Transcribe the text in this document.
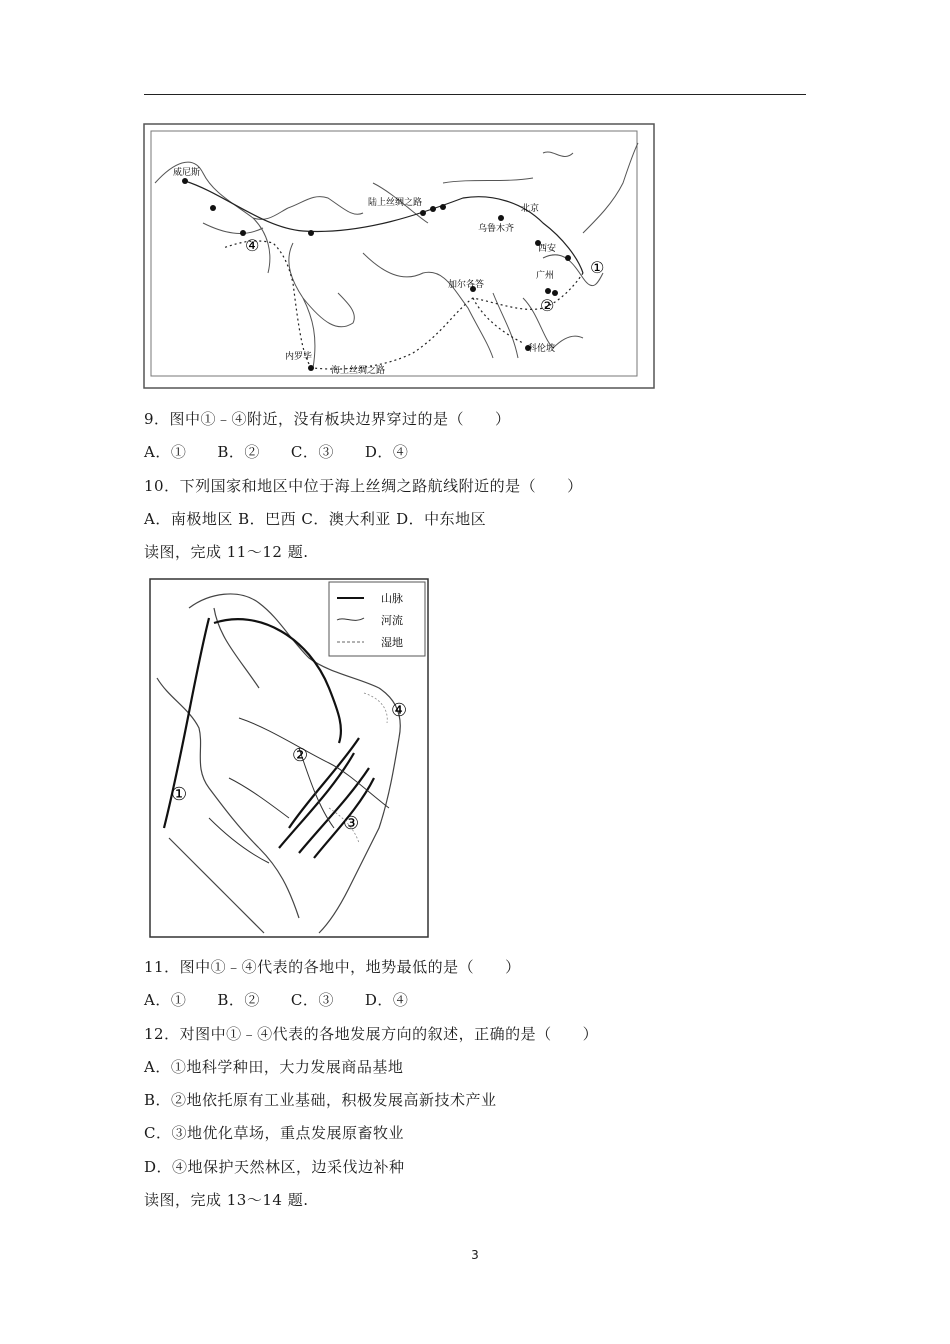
威尼斯
陆上丝绸之路
北京
乌鲁木齐
西安
广州
加尔各答
科伦坡
内罗毕
海上丝绸之路
①
②
④
9．图中①﹣④附近，没有板块边界穿过的是（　　）
A．①　　B．②　　C．③　　D．④
10．下列国家和地区中位于海上丝绸之路航线附近的是（　　）
A．南极地区 B．巴西 C．澳大利亚 D．中东地区
读图，完成 11～12 题.
山脉
河流
湿地
①
②
③
④
11．图中①﹣④代表的各地中，地势最低的是（　　）
A．①　　B．②　　C．③　　D．④
12．对图中①﹣④代表的各地发展方向的叙述，正确的是（　　）
A．①地科学种田，大力发展商品基地
B．②地依托原有工业基础，积极发展高新技术产业
C．③地优化草场，重点发展原畜牧业
D．④地保护天然林区，边采伐边补种
读图，完成 13～14 题.
3
